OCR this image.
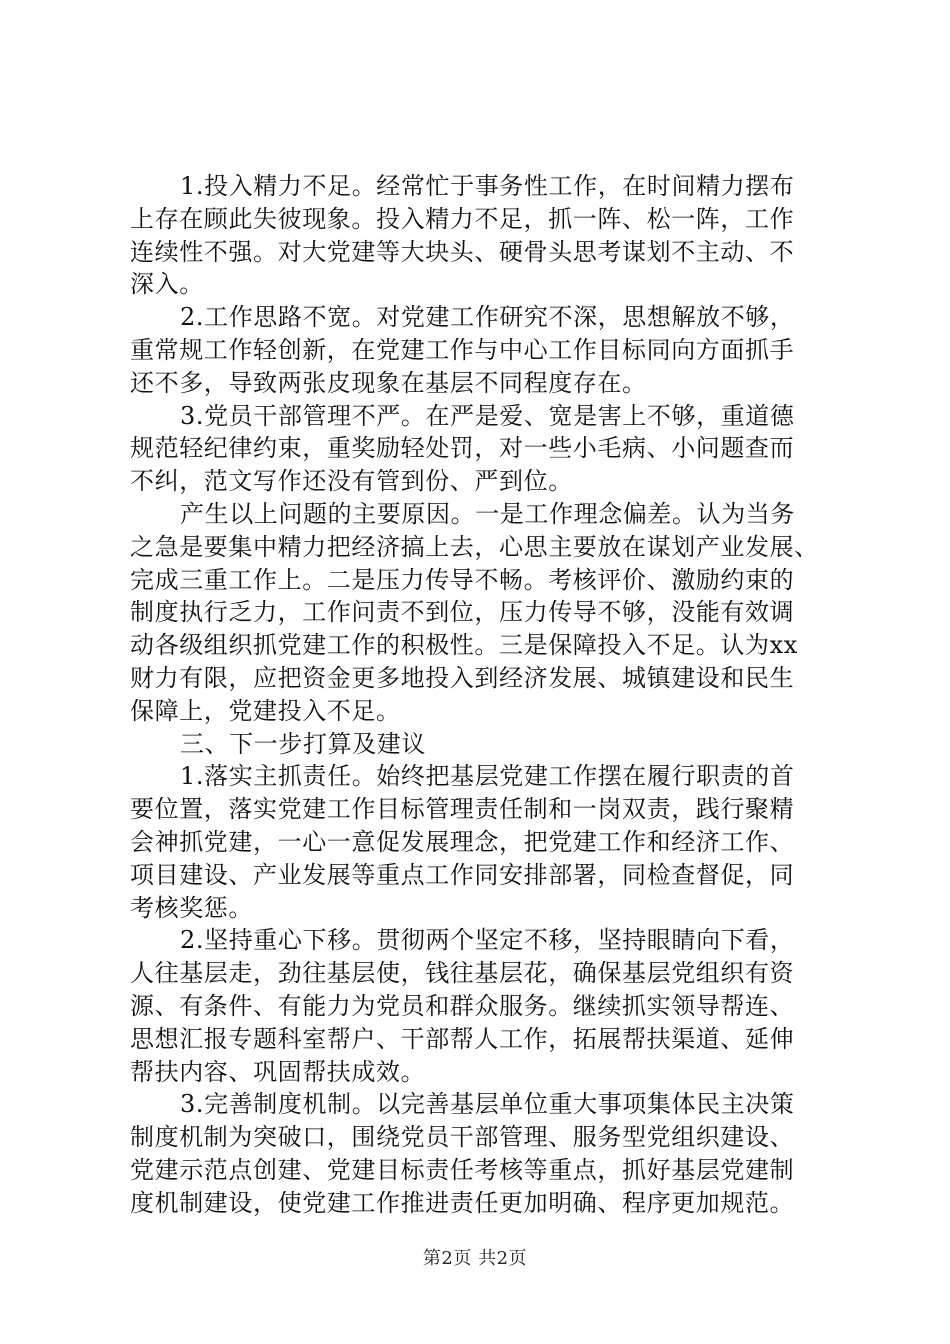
1.投入精力不足。经常忙于事务性工作，在时间精力摆布
上存在顾此失彼现象。投入精力不足，抓一阵、松一阵，工作
连续性不强。对大党建等大块头、硬骨头思考谋划不主动、不
深入。
2.工作思路不宽。对党建工作研究不深，思想解放不够，
重常规工作轻创新，在党建工作与中心工作目标同向方面抓手
还不多，导致两张皮现象在基层不同程度存在。
3.党员干部管理不严。在严是爱、宽是害上不够，重道德
规范轻纪律约束，重奖励轻处罚，对一些小毛病、小问题查而
不纠，范文写作还没有管到份、严到位。
产生以上问题的主要原因。一是工作理念偏差。认为当务
之急是要集中精力把经济搞上去，心思主要放在谋划产业发展、
完成三重工作上。二是压力传导不畅。考核评价、激励约束的
制度执行乏力，工作问责不到位，压力传导不够，没能有效调
动各级组织抓党建工作的积极性。三是保障投入不足。认为xx
财力有限，应把资金更多地投入到经济发展、城镇建设和民生
保障上，党建投入不足。
三、下一步打算及建议
1.落实主抓责任。始终把基层党建工作摆在履行职责的首
要位置，落实党建工作目标管理责任制和一岗双责，践行聚精
会神抓党建，一心一意促发展理念，把党建工作和经济工作、
项目建设、产业发展等重点工作同安排部署，同检查督促，同
考核奖惩。
2.坚持重心下移。贯彻两个坚定不移，坚持眼睛向下看，
人往基层走，劲往基层使，钱往基层花，确保基层党组织有资
源、有条件、有能力为党员和群众服务。继续抓实领导帮连、
思想汇报专题科室帮户、干部帮人工作，拓展帮扶渠道、延伸
帮扶内容、巩固帮扶成效。
3.完善制度机制。以完善基层单位重大事项集体民主决策
制度机制为突破口，围绕党员干部管理、服务型党组织建设、
党建示范点创建、党建目标责任考核等重点，抓好基层党建制
度机制建设，使党建工作推进责任更加明确、程序更加规范。
第2页 共2页
